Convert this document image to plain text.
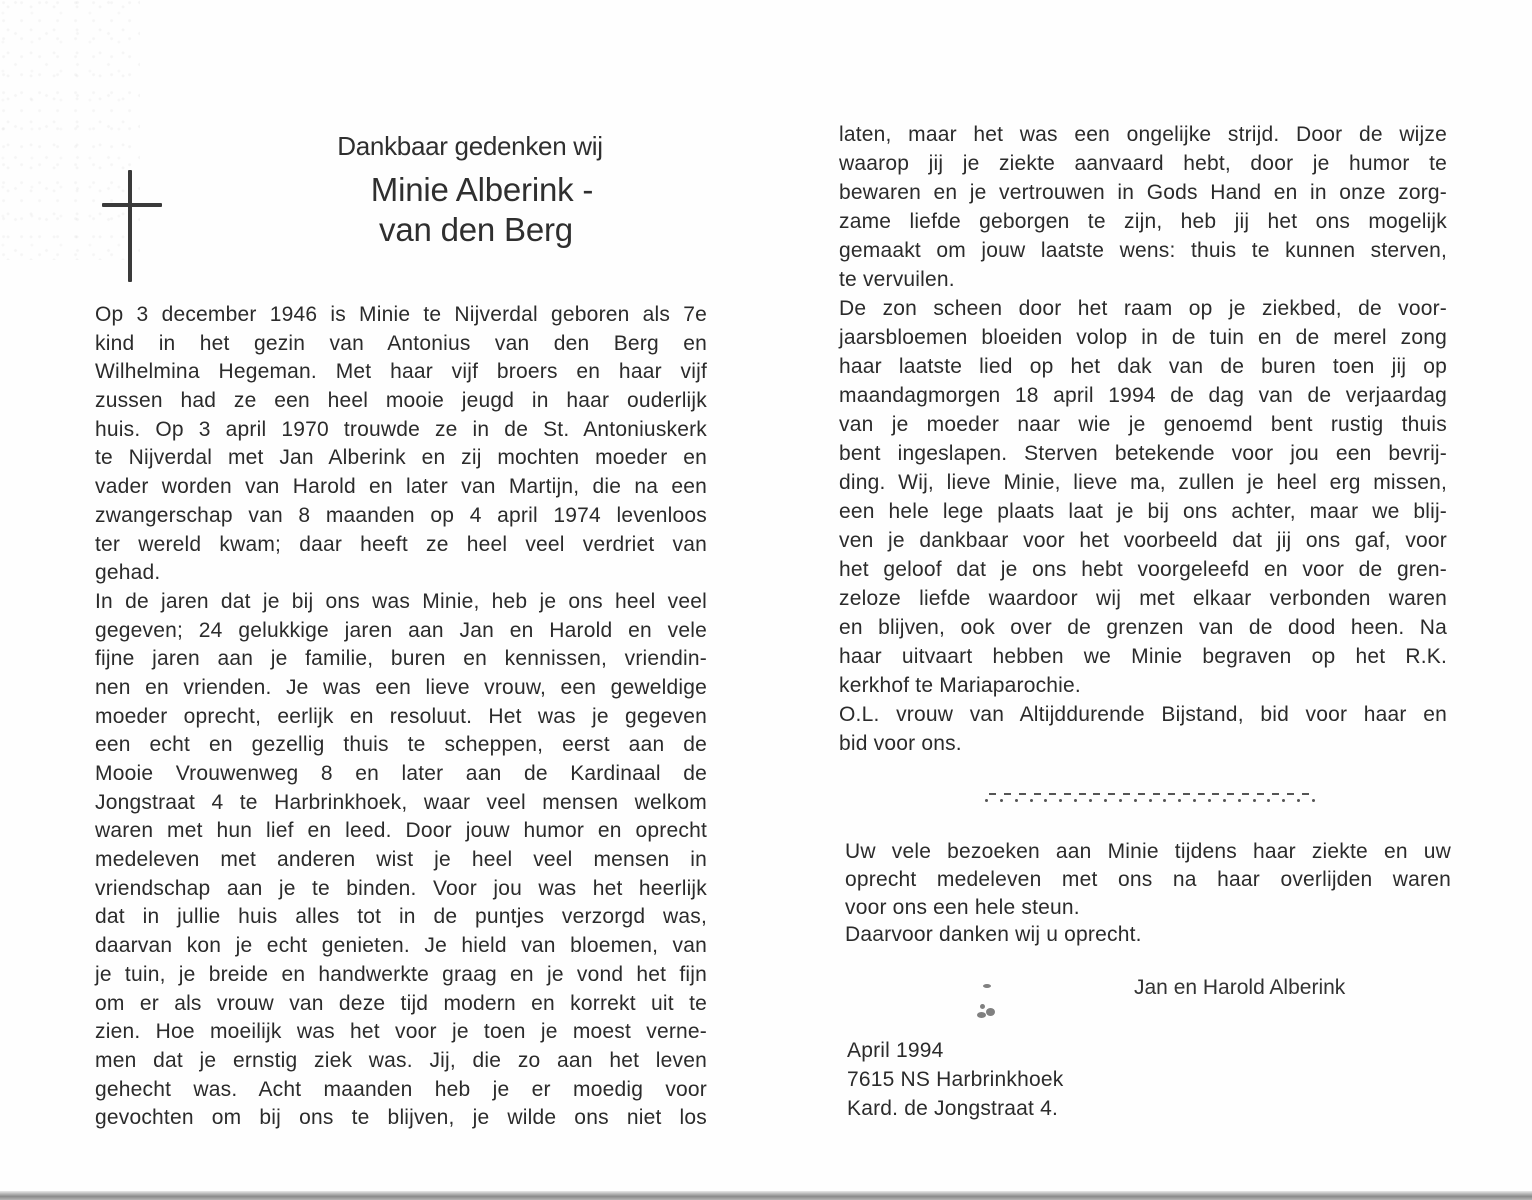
Dankbaar gedenken wij
Minie Alberink -
van den Berg
Op 3 december 1946 is Minie te Nijverdal geboren als 7e
kind in het gezin van Antonius van den Berg en
Wilhelmina Hegeman. Met haar vijf broers en haar vijf
zussen had ze een heel mooie jeugd in haar ouderlijk
huis. Op 3 april 1970 trouwde ze in de St. Antoniuskerk
te Nijverdal met Jan Alberink en zij mochten moeder en
vader worden van Harold en later van Martijn, die na een
zwangerschap van 8 maanden op 4 april 1974 levenloos
ter wereld kwam; daar heeft ze heel veel verdriet van
gehad.
In de jaren dat je bij ons was Minie, heb je ons heel veel
gegeven; 24 gelukkige jaren aan Jan en Harold en vele
fijne jaren aan je familie, buren en kennissen, vriendin-
nen en vrienden. Je was een lieve vrouw, een geweldige
moeder oprecht, eerlijk en resoluut. Het was je gegeven
een echt en gezellig thuis te scheppen, eerst aan de
Mooie Vrouwenweg 8 en later aan de Kardinaal de
Jongstraat 4 te Harbrinkhoek, waar veel mensen welkom
waren met hun lief en leed. Door jouw humor en oprecht
medeleven met anderen wist je heel veel mensen in
vriendschap aan je te binden. Voor jou was het heerlijk
dat in jullie huis alles tot in de puntjes verzorgd was,
daarvan kon je echt genieten. Je hield van bloemen, van
je tuin, je breide en handwerkte graag en je vond het fijn
om er als vrouw van deze tijd modern en korrekt uit te
zien. Hoe moeilijk was het voor je toen je moest verne-
men dat je ernstig ziek was. Jij, die zo aan het leven
gehecht was. Acht maanden heb je er moedig voor
gevochten om bij ons te blijven, je wilde ons niet los
laten, maar het was een ongelijke strijd. Door de wijze
waarop jij je ziekte aanvaard hebt, door je humor te
bewaren en je vertrouwen in Gods Hand en in onze zorg-
zame liefde geborgen te zijn, heb jij het ons mogelijk
gemaakt om jouw laatste wens: thuis te kunnen sterven,
te vervuilen.
De zon scheen door het raam op je ziekbed, de voor-
jaarsbloemen bloeiden volop in de tuin en de merel zong
haar laatste lied op het dak van de buren toen jij op
maandagmorgen 18 april 1994 de dag van de verjaardag
van je moeder naar wie je genoemd bent rustig thuis
bent ingeslapen. Sterven betekende voor jou een bevrij-
ding. Wij, lieve Minie, lieve ma, zullen je heel erg missen,
een hele lege plaats laat je bij ons achter, maar we blij-
ven je dankbaar voor het voorbeeld dat jij ons gaf, voor
het geloof dat je ons hebt voorgeleefd en voor de gren-
zeloze liefde waardoor wij met elkaar verbonden waren
en blijven, ook over de grenzen van de dood heen. Na
haar uitvaart hebben we Minie begraven op het R.K.
kerkhof te Mariaparochie.
O.L. vrouw van Altijddurende Bijstand, bid voor haar en
bid voor ons.
Uw vele bezoeken aan Minie tijdens haar ziekte en uw
oprecht medeleven met ons na haar overlijden waren
voor ons een hele steun.
Daarvoor danken wij u oprecht.
Jan en Harold Alberink
April 1994
7615 NS Harbrinkhoek
Kard. de Jongstraat 4.
